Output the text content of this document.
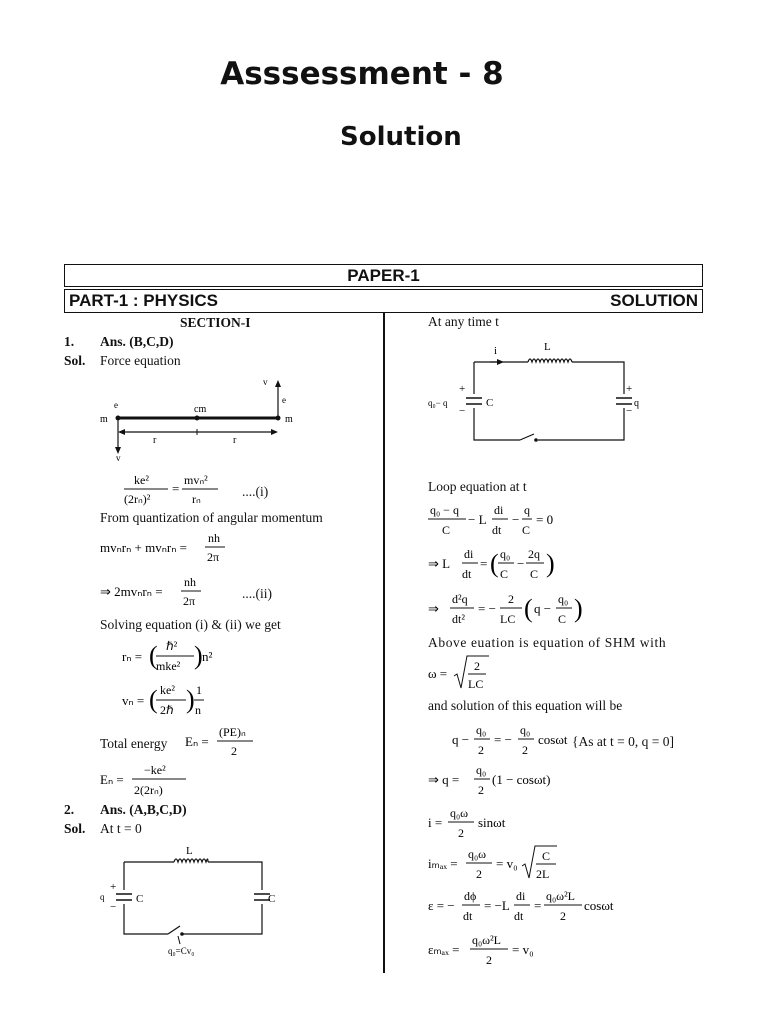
Asssessment - 8
Solution
PAPER-1
PART-1 : PHYSICS	SOLUTION
SECTION-I
1. Ans. (B,C,D)
Sol. Force equation
v
e	cm
e
m	m
r	r
v
ke²
(2rₙ)²
=
mvₙ²
rₙ	....(i)
From quantization of angular momentum
mvₙrₙ + mvₙrₙ =
nh
2π
⇒ 2mvₙrₙ =
nh
2π	....(ii)
Solving equation (i) & (ii) we get
rₙ = ( ℏ²
mke² ) n²
vₙ = ( ke²
2ℏ ) 1
n
Total energy Eₙ =
(PE)ₙ
2
Eₙ =
−ke²
2(2rₙ)
2. Ans. (A,B,C,D)
Sol. At t = 0
L
C	C
+
−
q
q₀=Cv₀
At any time t
i	L
C
+
−
+
−
q₀− q	q
Loop equation at t
q₀ − q
C
− L
di
dt
−
q
C
= 0
⇒ L
di
dt
= ( q₀
C
−
2q
C )
⇒
d²q
dt²
= −
2
LC ( q −
q₀
C )
Above euation is equation of SHM with
ω = 2
LC
and solution of this equation will be
q −
q₀
2
= −
q₀
2
cosωt {As at t = 0, q = 0]
⇒ q =
q₀
2
(1 − cosωt)
i =
q₀ω
2
sinωt
iₘₐₓ =
q₀ω
2
= v₀ C
2L
ε = −
dϕ
dt
= −L
di
dt
=
q₀ω²L
2
cosωt
εₘₐₓ =
q₀ω²L
2
= v₀
